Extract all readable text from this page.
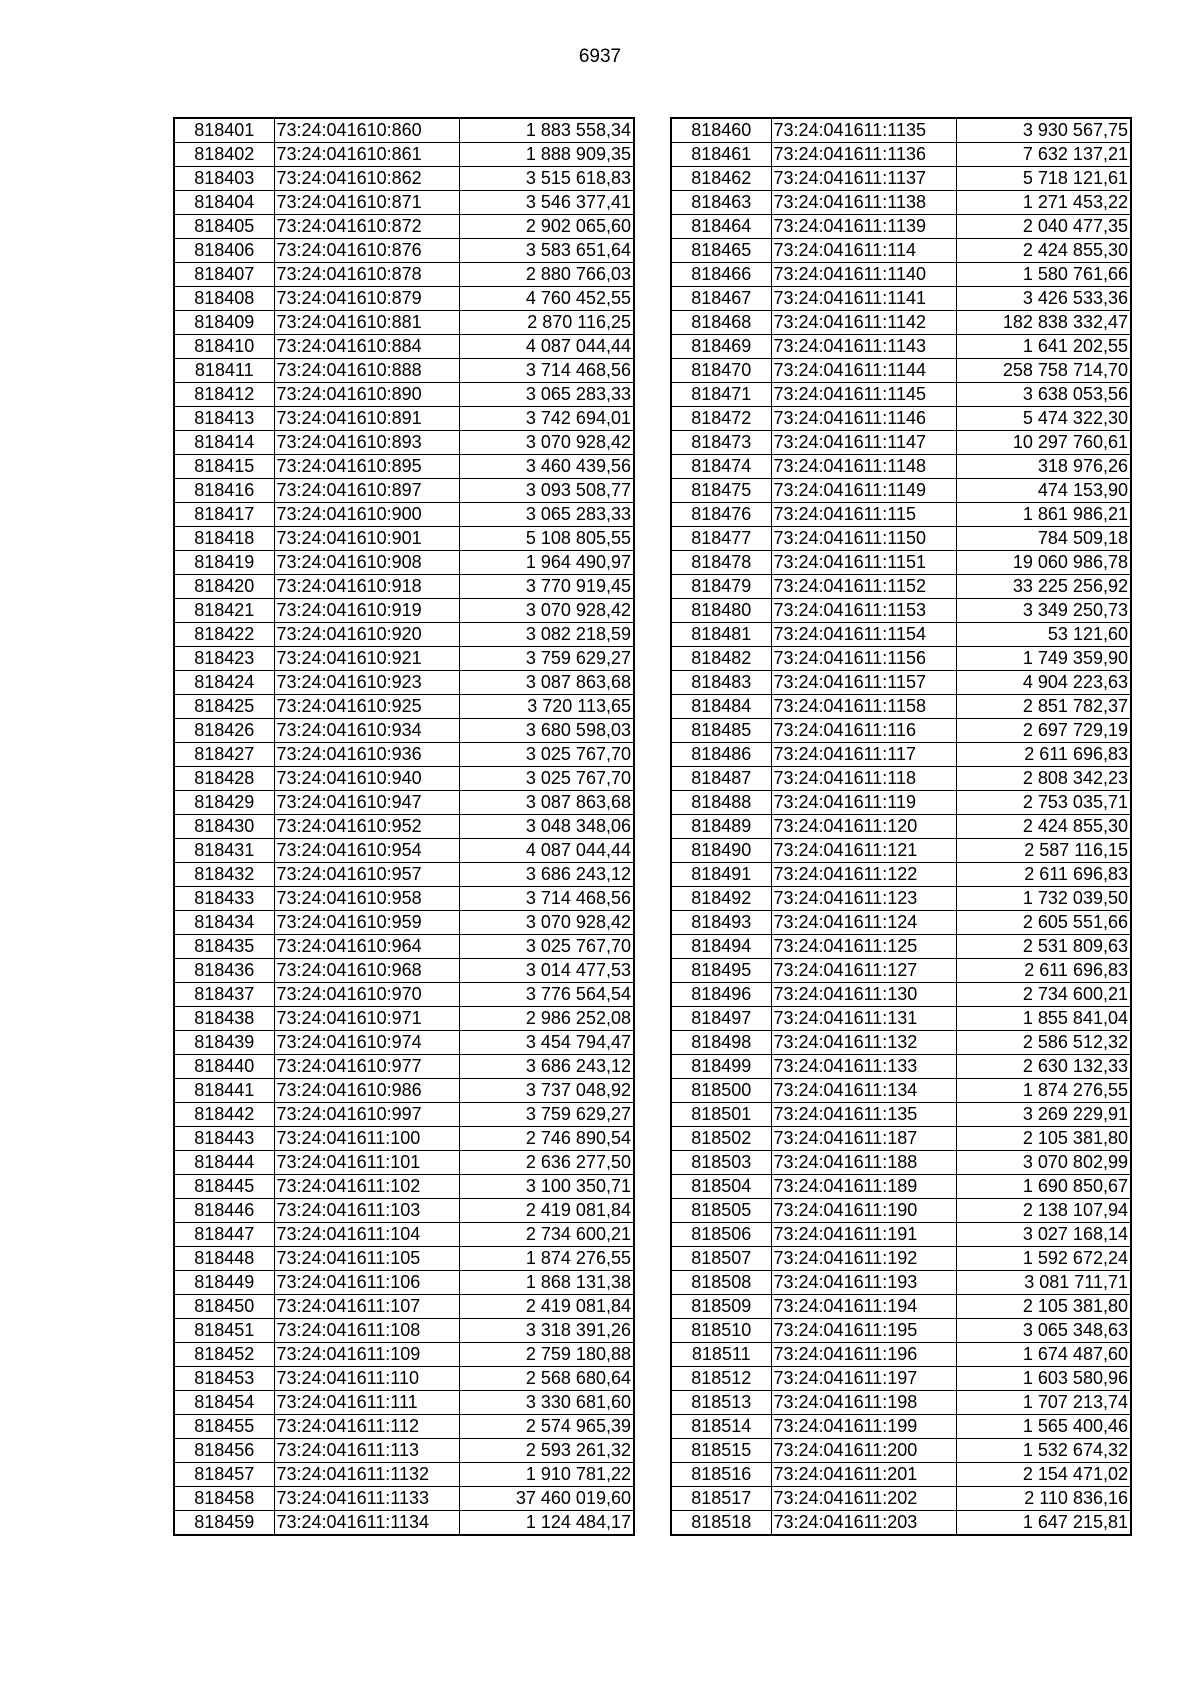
6937
818401	73:24:041610:860	1 883 558,34
818402	73:24:041610:861	1 888 909,35
818403	73:24:041610:862	3 515 618,83
818404	73:24:041610:871	3 546 377,41
818405	73:24:041610:872	2 902 065,60
818406	73:24:041610:876	3 583 651,64
818407	73:24:041610:878	2 880 766,03
818408	73:24:041610:879	4 760 452,55
818409	73:24:041610:881	2 870 116,25
818410	73:24:041610:884	4 087 044,44
818411	73:24:041610:888	3 714 468,56
818412	73:24:041610:890	3 065 283,33
818413	73:24:041610:891	3 742 694,01
818414	73:24:041610:893	3 070 928,42
818415	73:24:041610:895	3 460 439,56
818416	73:24:041610:897	3 093 508,77
818417	73:24:041610:900	3 065 283,33
818418	73:24:041610:901	5 108 805,55
818419	73:24:041610:908	1 964 490,97
818420	73:24:041610:918	3 770 919,45
818421	73:24:041610:919	3 070 928,42
818422	73:24:041610:920	3 082 218,59
818423	73:24:041610:921	3 759 629,27
818424	73:24:041610:923	3 087 863,68
818425	73:24:041610:925	3 720 113,65
818426	73:24:041610:934	3 680 598,03
818427	73:24:041610:936	3 025 767,70
818428	73:24:041610:940	3 025 767,70
818429	73:24:041610:947	3 087 863,68
818430	73:24:041610:952	3 048 348,06
818431	73:24:041610:954	4 087 044,44
818432	73:24:041610:957	3 686 243,12
818433	73:24:041610:958	3 714 468,56
818434	73:24:041610:959	3 070 928,42
818435	73:24:041610:964	3 025 767,70
818436	73:24:041610:968	3 014 477,53
818437	73:24:041610:970	3 776 564,54
818438	73:24:041610:971	2 986 252,08
818439	73:24:041610:974	3 454 794,47
818440	73:24:041610:977	3 686 243,12
818441	73:24:041610:986	3 737 048,92
818442	73:24:041610:997	3 759 629,27
818443	73:24:041611:100	2 746 890,54
818444	73:24:041611:101	2 636 277,50
818445	73:24:041611:102	3 100 350,71
818446	73:24:041611:103	2 419 081,84
818447	73:24:041611:104	2 734 600,21
818448	73:24:041611:105	1 874 276,55
818449	73:24:041611:106	1 868 131,38
818450	73:24:041611:107	2 419 081,84
818451	73:24:041611:108	3 318 391,26
818452	73:24:041611:109	2 759 180,88
818453	73:24:041611:110	2 568 680,64
818454	73:24:041611:111	3 330 681,60
818455	73:24:041611:112	2 574 965,39
818456	73:24:041611:113	2 593 261,32
818457	73:24:041611:1132	1 910 781,22
818458	73:24:041611:1133	37 460 019,60
818459	73:24:041611:1134	1 124 484,17
818460	73:24:041611:1135	3 930 567,75
818461	73:24:041611:1136	7 632 137,21
818462	73:24:041611:1137	5 718 121,61
818463	73:24:041611:1138	1 271 453,22
818464	73:24:041611:1139	2 040 477,35
818465	73:24:041611:114	2 424 855,30
818466	73:24:041611:1140	1 580 761,66
818467	73:24:041611:1141	3 426 533,36
818468	73:24:041611:1142	182 838 332,47
818469	73:24:041611:1143	1 641 202,55
818470	73:24:041611:1144	258 758 714,70
818471	73:24:041611:1145	3 638 053,56
818472	73:24:041611:1146	5 474 322,30
818473	73:24:041611:1147	10 297 760,61
818474	73:24:041611:1148	318 976,26
818475	73:24:041611:1149	474 153,90
818476	73:24:041611:115	1 861 986,21
818477	73:24:041611:1150	784 509,18
818478	73:24:041611:1151	19 060 986,78
818479	73:24:041611:1152	33 225 256,92
818480	73:24:041611:1153	3 349 250,73
818481	73:24:041611:1154	53 121,60
818482	73:24:041611:1156	1 749 359,90
818483	73:24:041611:1157	4 904 223,63
818484	73:24:041611:1158	2 851 782,37
818485	73:24:041611:116	2 697 729,19
818486	73:24:041611:117	2 611 696,83
818487	73:24:041611:118	2 808 342,23
818488	73:24:041611:119	2 753 035,71
818489	73:24:041611:120	2 424 855,30
818490	73:24:041611:121	2 587 116,15
818491	73:24:041611:122	2 611 696,83
818492	73:24:041611:123	1 732 039,50
818493	73:24:041611:124	2 605 551,66
818494	73:24:041611:125	2 531 809,63
818495	73:24:041611:127	2 611 696,83
818496	73:24:041611:130	2 734 600,21
818497	73:24:041611:131	1 855 841,04
818498	73:24:041611:132	2 586 512,32
818499	73:24:041611:133	2 630 132,33
818500	73:24:041611:134	1 874 276,55
818501	73:24:041611:135	3 269 229,91
818502	73:24:041611:187	2 105 381,80
818503	73:24:041611:188	3 070 802,99
818504	73:24:041611:189	1 690 850,67
818505	73:24:041611:190	2 138 107,94
818506	73:24:041611:191	3 027 168,14
818507	73:24:041611:192	1 592 672,24
818508	73:24:041611:193	3 081 711,71
818509	73:24:041611:194	2 105 381,80
818510	73:24:041611:195	3 065 348,63
818511	73:24:041611:196	1 674 487,60
818512	73:24:041611:197	1 603 580,96
818513	73:24:041611:198	1 707 213,74
818514	73:24:041611:199	1 565 400,46
818515	73:24:041611:200	1 532 674,32
818516	73:24:041611:201	2 154 471,02
818517	73:24:041611:202	2 110 836,16
818518	73:24:041611:203	1 647 215,81
